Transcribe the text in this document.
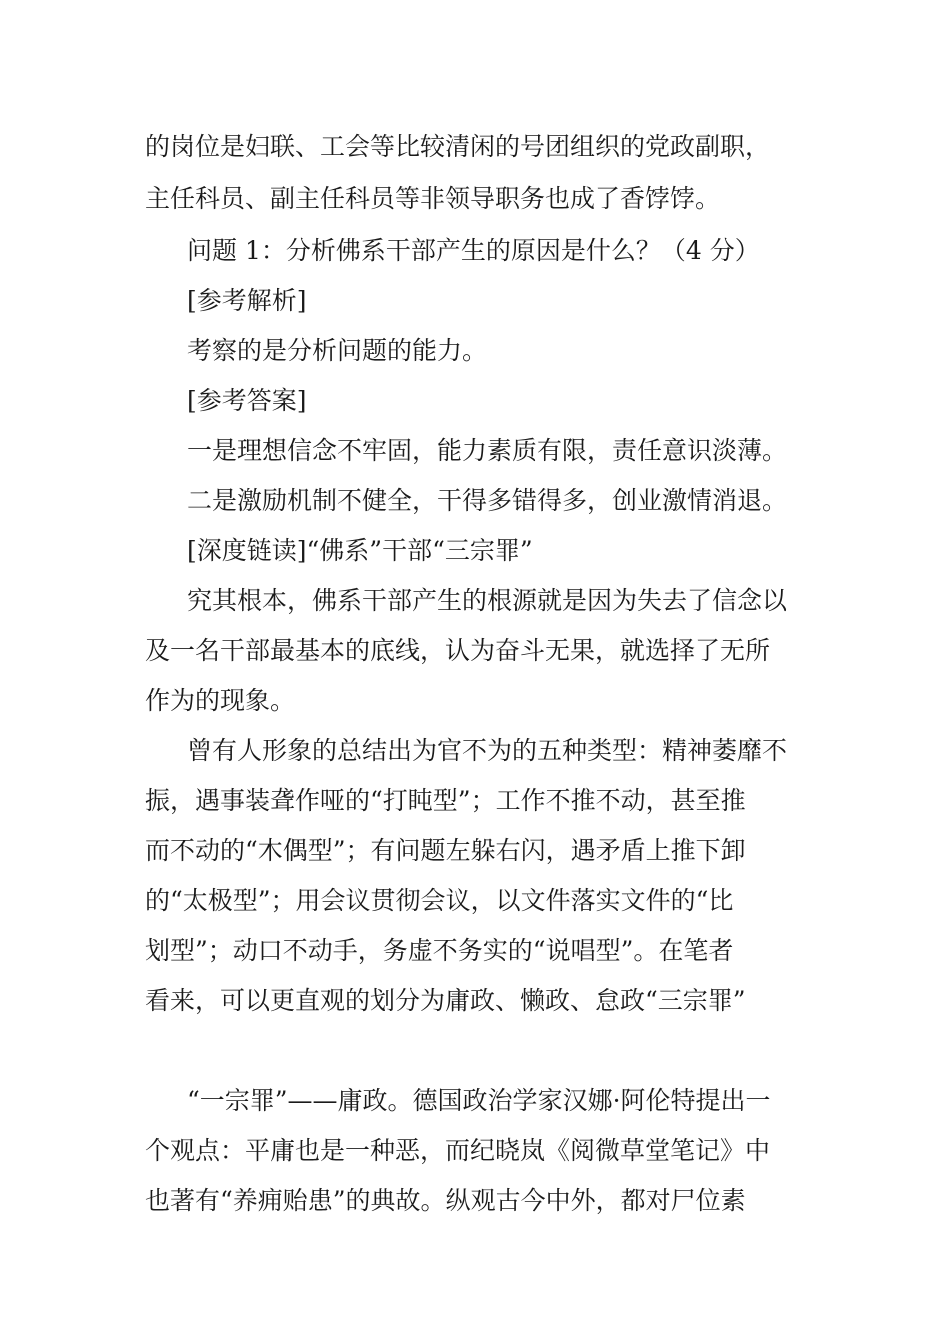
的岗位是妇联、工会等比较清闲的号团组织的党政副职，
主任科员、副主任科员等非领导职务也成了香饽饽。
问题 1：分析佛系干部产生的原因是什么？（4 分）
[参考解析]
考察的是分析问题的能力。
[参考答案]
一是理想信念不牢固，能力素质有限，责任意识淡薄。
二是激励机制不健全，干得多错得多，创业激情消退。
[深度链读]“佛系”干部“三宗罪”
究其根本，佛系干部产生的根源就是因为失去了信念以
及一名干部最基本的底线，认为奋斗无果，就选择了无所
作为的现象。
曾有人形象的总结出为官不为的五种类型：精神萎靡不
振，遇事装聋作哑的“打盹型”；工作不推不动，甚至推
而不动的“木偶型”；有问题左躲右闪，遇矛盾上推下卸
的“太极型”；用会议贯彻会议，以文件落实文件的“比
划型”；动口不动手，务虚不务实的“说唱型”。在笔者
看来，可以更直观的划分为庸政、懒政、怠政“三宗罪”
“一宗罪”——庸政。德国政治学家汉娜·阿伦特提出一
个观点：平庸也是一种恶，而纪晓岚《阅微草堂笔记》中
也著有“养痈贻患”的典故。纵观古今中外，都对尸位素
